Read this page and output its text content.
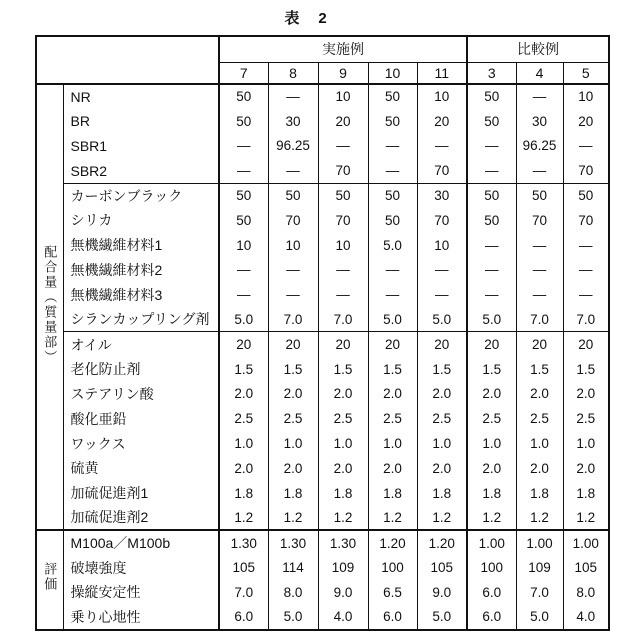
表　2
		実施例					比較例		
		7	8	9	10	11	3	4	5
配合量（質量部）	NR	50	—	10	50	10	50	—	10
	BR	50	30	20	50	20	50	30	20
	SBR1	—	96.25	—	—	—	—	96.25	—
	SBR2	—	—	70	—	70	—	—	70
	カーボンブラック	50	50	50	50	30	50	50	50
	シリカ	50	70	70	50	70	50	70	70
	無機繊維材料1	10	10	10	5.0	10	—	—	—
	無機繊維材料2	—	—	—	—	—	—	—	—
	無機繊維材料3	—	—	—	—	—	—	—	—
	シランカップリング剤	5.0	7.0	7.0	5.0	5.0	5.0	7.0	7.0
	オイル	20	20	20	20	20	20	20	20
	老化防止剤	1.5	1.5	1.5	1.5	1.5	1.5	1.5	1.5
	ステアリン酸	2.0	2.0	2.0	2.0	2.0	2.0	2.0	2.0
	酸化亜鉛	2.5	2.5	2.5	2.5	2.5	2.5	2.5	2.5
	ワックス	1.0	1.0	1.0	1.0	1.0	1.0	1.0	1.0
	硫黄	2.0	2.0	2.0	2.0	2.0	2.0	2.0	2.0
	加硫促進剤1	1.8	1.8	1.8	1.8	1.8	1.8	1.8	1.8
	加硫促進剤2	1.2	1.2	1.2	1.2	1.2	1.2	1.2	1.2
評価	M100a／M100b	1.30	1.30	1.30	1.20	1.20	1.00	1.00	1.00
	破壊強度	105	114	109	100	105	100	109	105
	操縦安定性	7.0	8.0	9.0	6.5	9.0	6.0	7.0	8.0
	乗り心地性	6.0	5.0	4.0	6.0	5.0	6.0	5.0	4.0
